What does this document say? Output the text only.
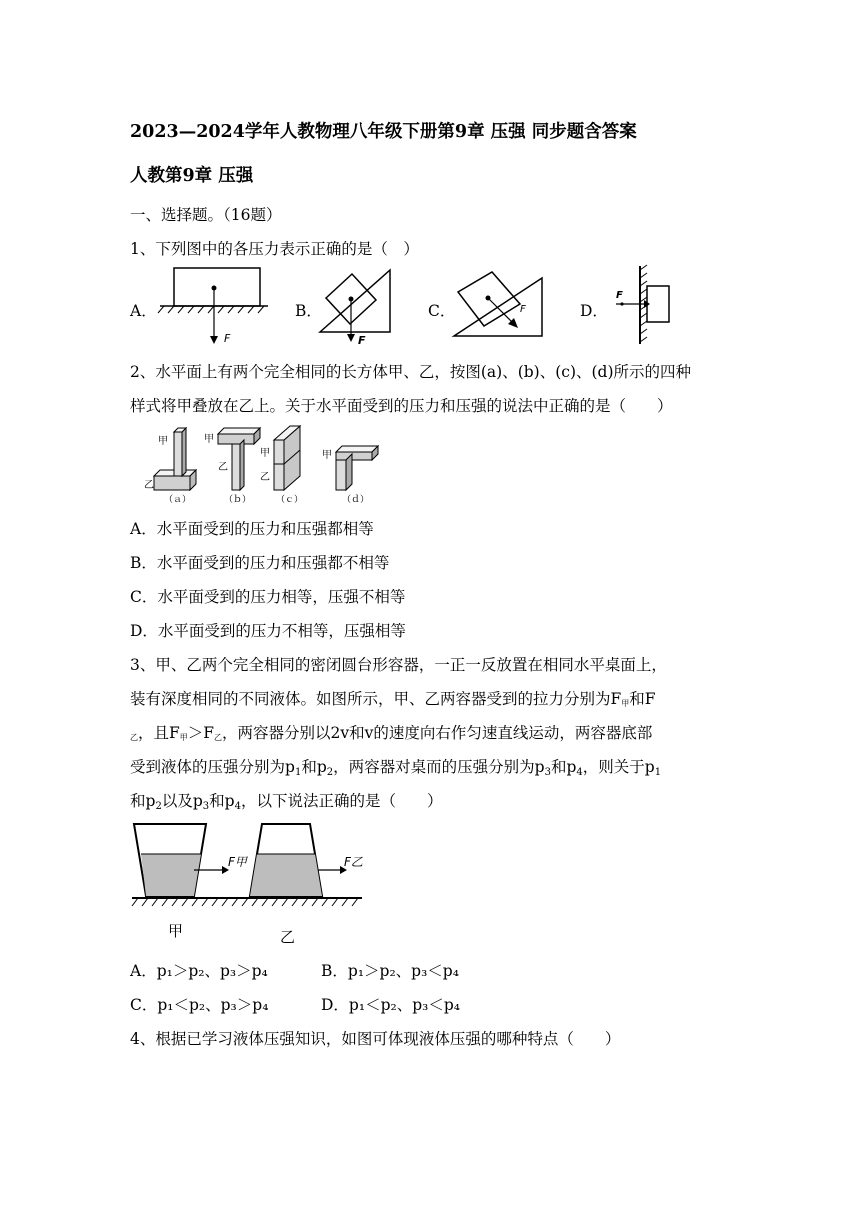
2023—2024学年人教物理八年级下册第9章 压强 同步题含答案
人教第9章 压强
一、选择题。（16题）
1、下列图中的各压力表示正确的是（　）
A．	B．	C．	D．
F	F
F
F
2、水平面上有两个完全相同的长方体甲、乙，按图(a)、(b)、(c)、(d)所示的四种
样式将甲叠放在乙上。关于水平面受到的压力和压强的说法中正确的是（　　）
甲
乙
（ａ）
甲
乙
（ｂ）
甲
乙
（ｃ）
甲
（ｄ）
A．水平面受到的压力和压强都相等
B．水平面受到的压力和压强都不相等
C．水平面受到的压力相等，压强不相等
D．水平面受到的压力不相等，压强相等
3、甲、乙两个完全相同的密闭圆台形容器，一正一反放置在相同水平桌面上，
装有深度相同的不同液体。如图所示，甲、乙两容器受到的拉力分别为$F_甲$和F
$_乙$，且$F_甲>F_乙$，两容器分别以2v和v的速度向右作匀速直线运动，两容器底部
受到液体的压强分别为$p_1$和$p_2$，两容器对桌而的压强分别为$p_3$和$p_4$，则关于$p_1$
和$p_2$以及$p_3$和$p_4$，以下说法正确的是（　　）
F甲	F乙
甲	乙
A．p₁＞p₂、p₃＞p₄	B．p₁＞p₂、p₃＜p₄
C．p₁＜p₂、p₃＞p₄	D．p₁＜p₂、p₃＜p₄
4、根据已学习液体压强知识，如图可体现液体压强的哪种特点（　　）
